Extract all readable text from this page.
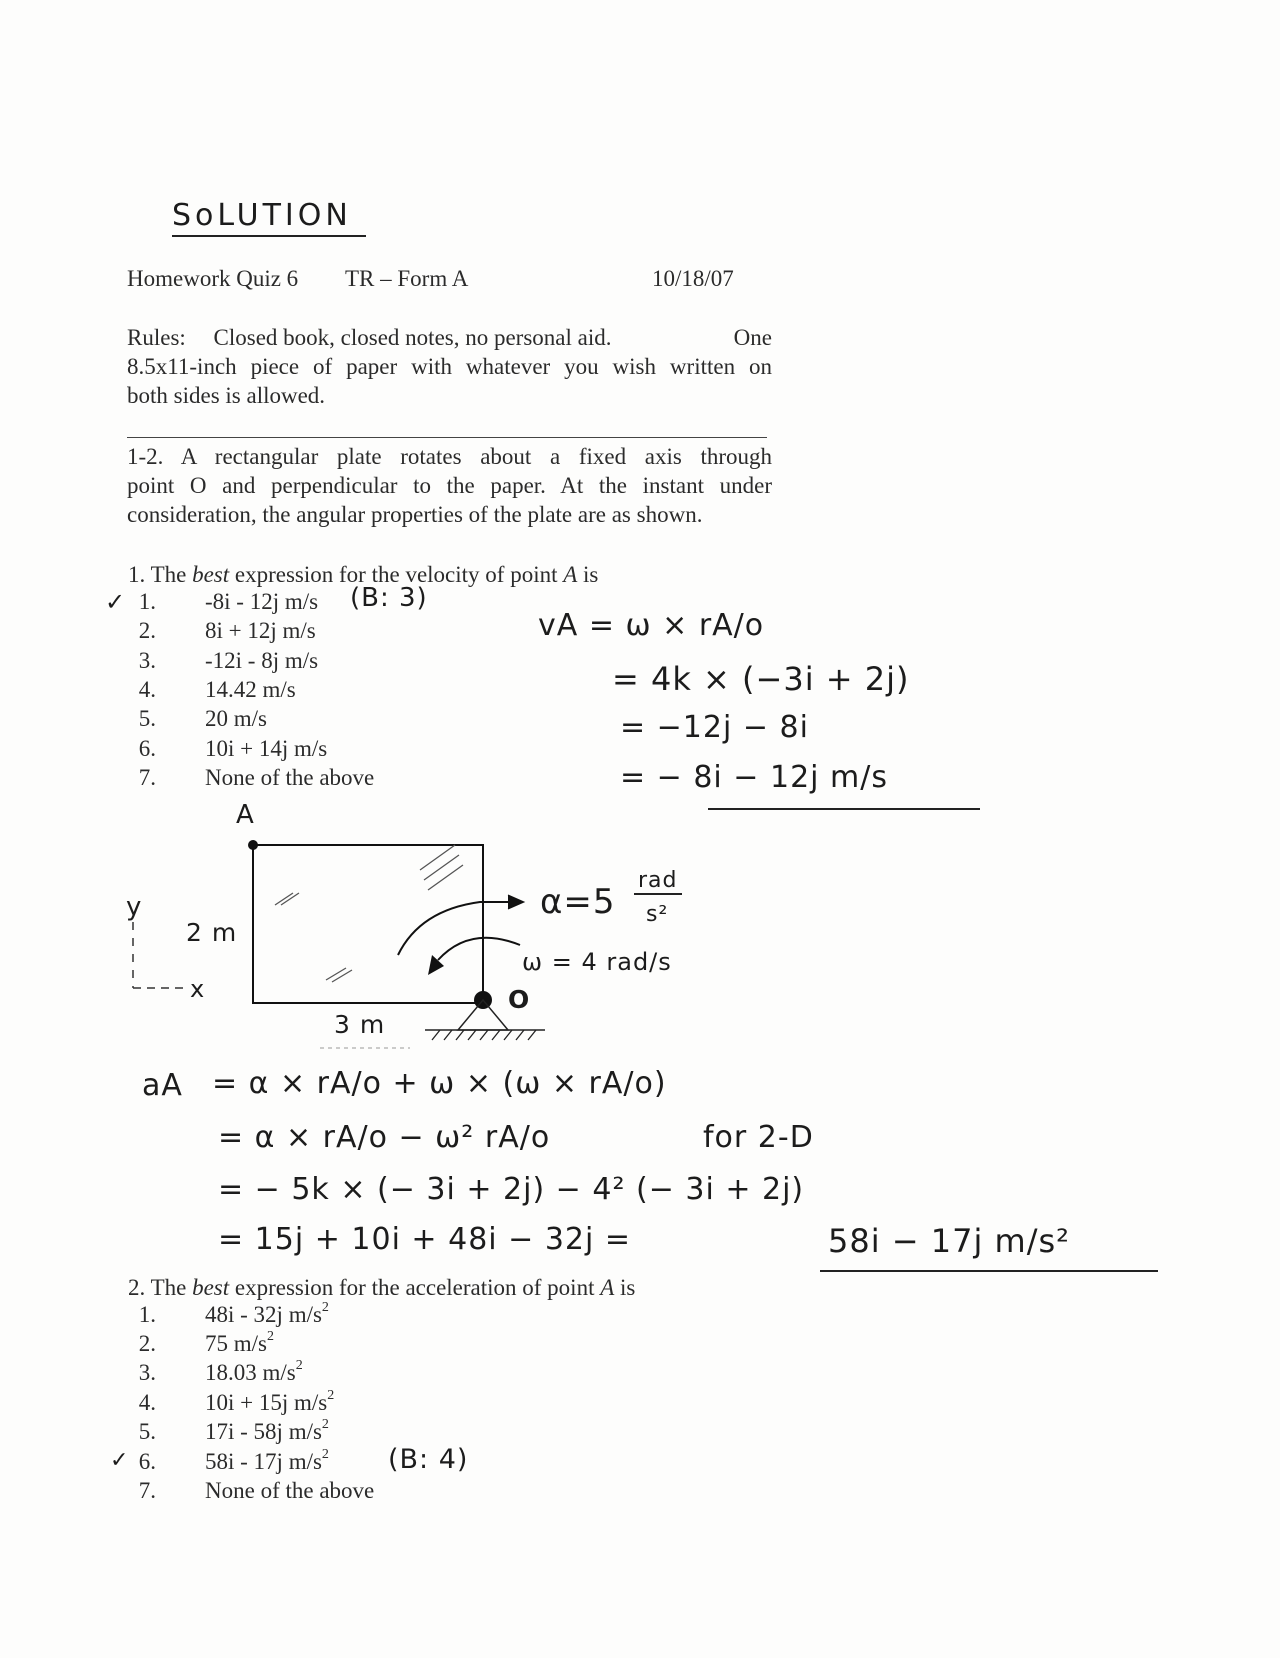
SoLUTION
Homework Quiz 6 TR – Form A	10/18/07
Rules: Closed book, closed notes, no personal aid.	One
8.5x11-inch piece of paper with whatever you wish written on
both sides is allowed.
1-2. A rectangular plate rotates about a fixed axis through
point O and perpendicular to the paper. At the instant under
consideration, the angular properties of the plate are as shown.
1. The best expression for the velocity of point A is
1. -8i - 12j m/s
2. 8i + 12j m/s
3. -12i - 8j m/s
4. 14.42 m/s
5. 20 m/s
6. 10i + 14j m/s
7. None of the above
✓	(B: 3)
vA = ω × rA/o
= 4k × (−3i + 2j)
= −12j − 8i
= − 8i − 12j m/s
A
2 m
3 m
O
y
x
α=5
rad
s²
ω = 4 rad/s
aA = α × rA/o + ω × (ω × rA/o)
= α × rA/o − ω² rA/o	for 2-D
= − 5k × (− 3i + 2j) − 4² (− 3i + 2j)
= 15j + 10i + 48i − 32j =	58i − 17j m/s²
2. The best expression for the acceleration of point A is
1. 48i - 32j $m/s^2$
2. 75 $m/s^2$
3. 18.03 $m/s^2$
4. 10i + 15j $m/s^2$
5. 17i - 58j $m/s^2$
6. 58i - 17j $m/s^2$
7. None of the above
✓	(B: 4)
